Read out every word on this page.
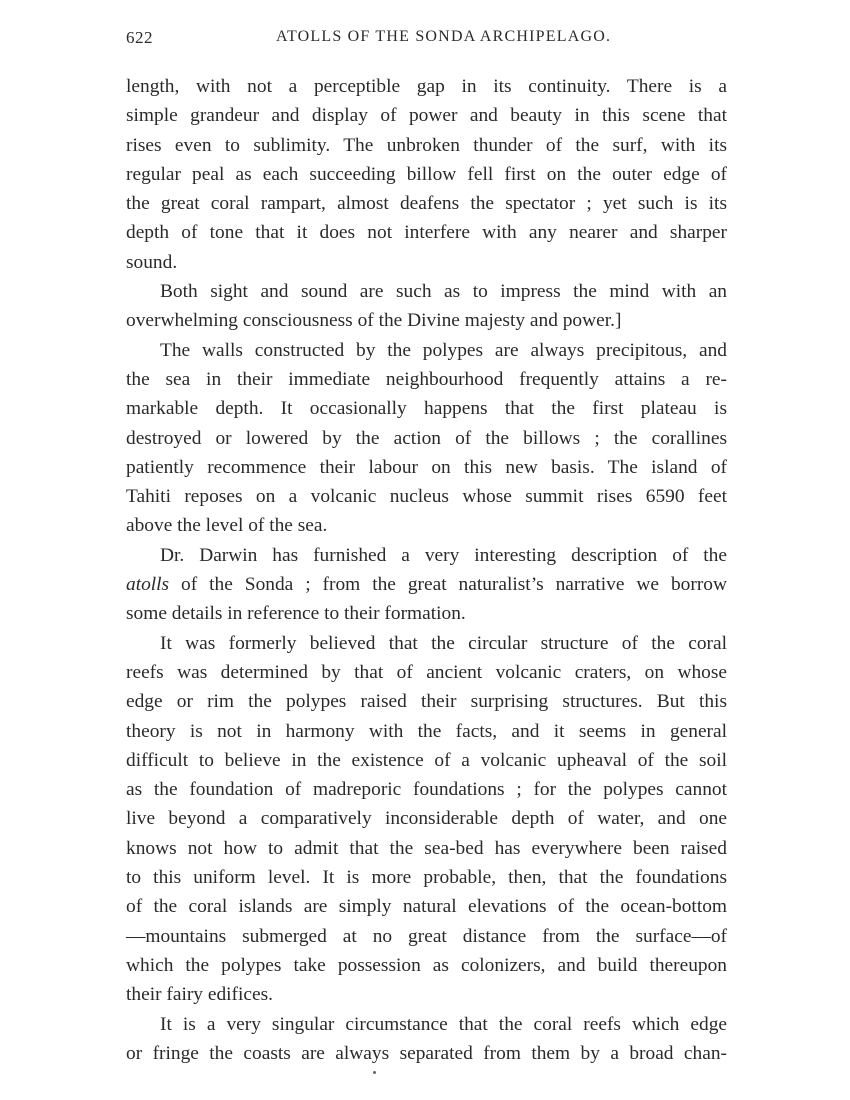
622	ATOLLS OF THE SONDA ARCHIPELAGO.
length, with not a perceptible gap in its continuity. There is a
simple grandeur and display of power and beauty in this scene that
rises even to sublimity. The unbroken thunder of the surf, with its
regular peal as each succeeding billow fell first on the outer edge of
the great coral rampart, almost deafens the spectator ; yet such is its
depth of tone that it does not interfere with any nearer and sharper
sound.
Both sight and sound are such as to impress the mind with an
overwhelming consciousness of the Divine majesty and power.]
The walls constructed by the polypes are always precipitous, and
the sea in their immediate neighbourhood frequently attains a re-
markable depth. It occasionally happens that the first plateau is
destroyed or lowered by the action of the billows ; the corallines
patiently recommence their labour on this new basis. The island of
Tahiti reposes on a volcanic nucleus whose summit rises 6590 feet
above the level of the sea.
Dr. Darwin has furnished a very interesting description of the
atolls of the Sonda ; from the great naturalist’s narrative we borrow
some details in reference to their formation.
It was formerly believed that the circular structure of the coral
reefs was determined by that of ancient volcanic craters, on whose
edge or rim the polypes raised their surprising structures. But this
theory is not in harmony with the facts, and it seems in general
difficult to believe in the existence of a volcanic upheaval of the soil
as the foundation of madreporic foundations ; for the polypes cannot
live beyond a comparatively inconsiderable depth of water, and one
knows not how to admit that the sea-bed has everywhere been raised
to this uniform level. It is more probable, then, that the foundations
of the coral islands are simply natural elevations of the ocean-bottom
—mountains submerged at no great distance from the surface—of
which the polypes take possession as colonizers, and build thereupon
their fairy edifices.
It is a very singular circumstance that the coral reefs which edge
or fringe the coasts are always separated from them by a broad chan-
